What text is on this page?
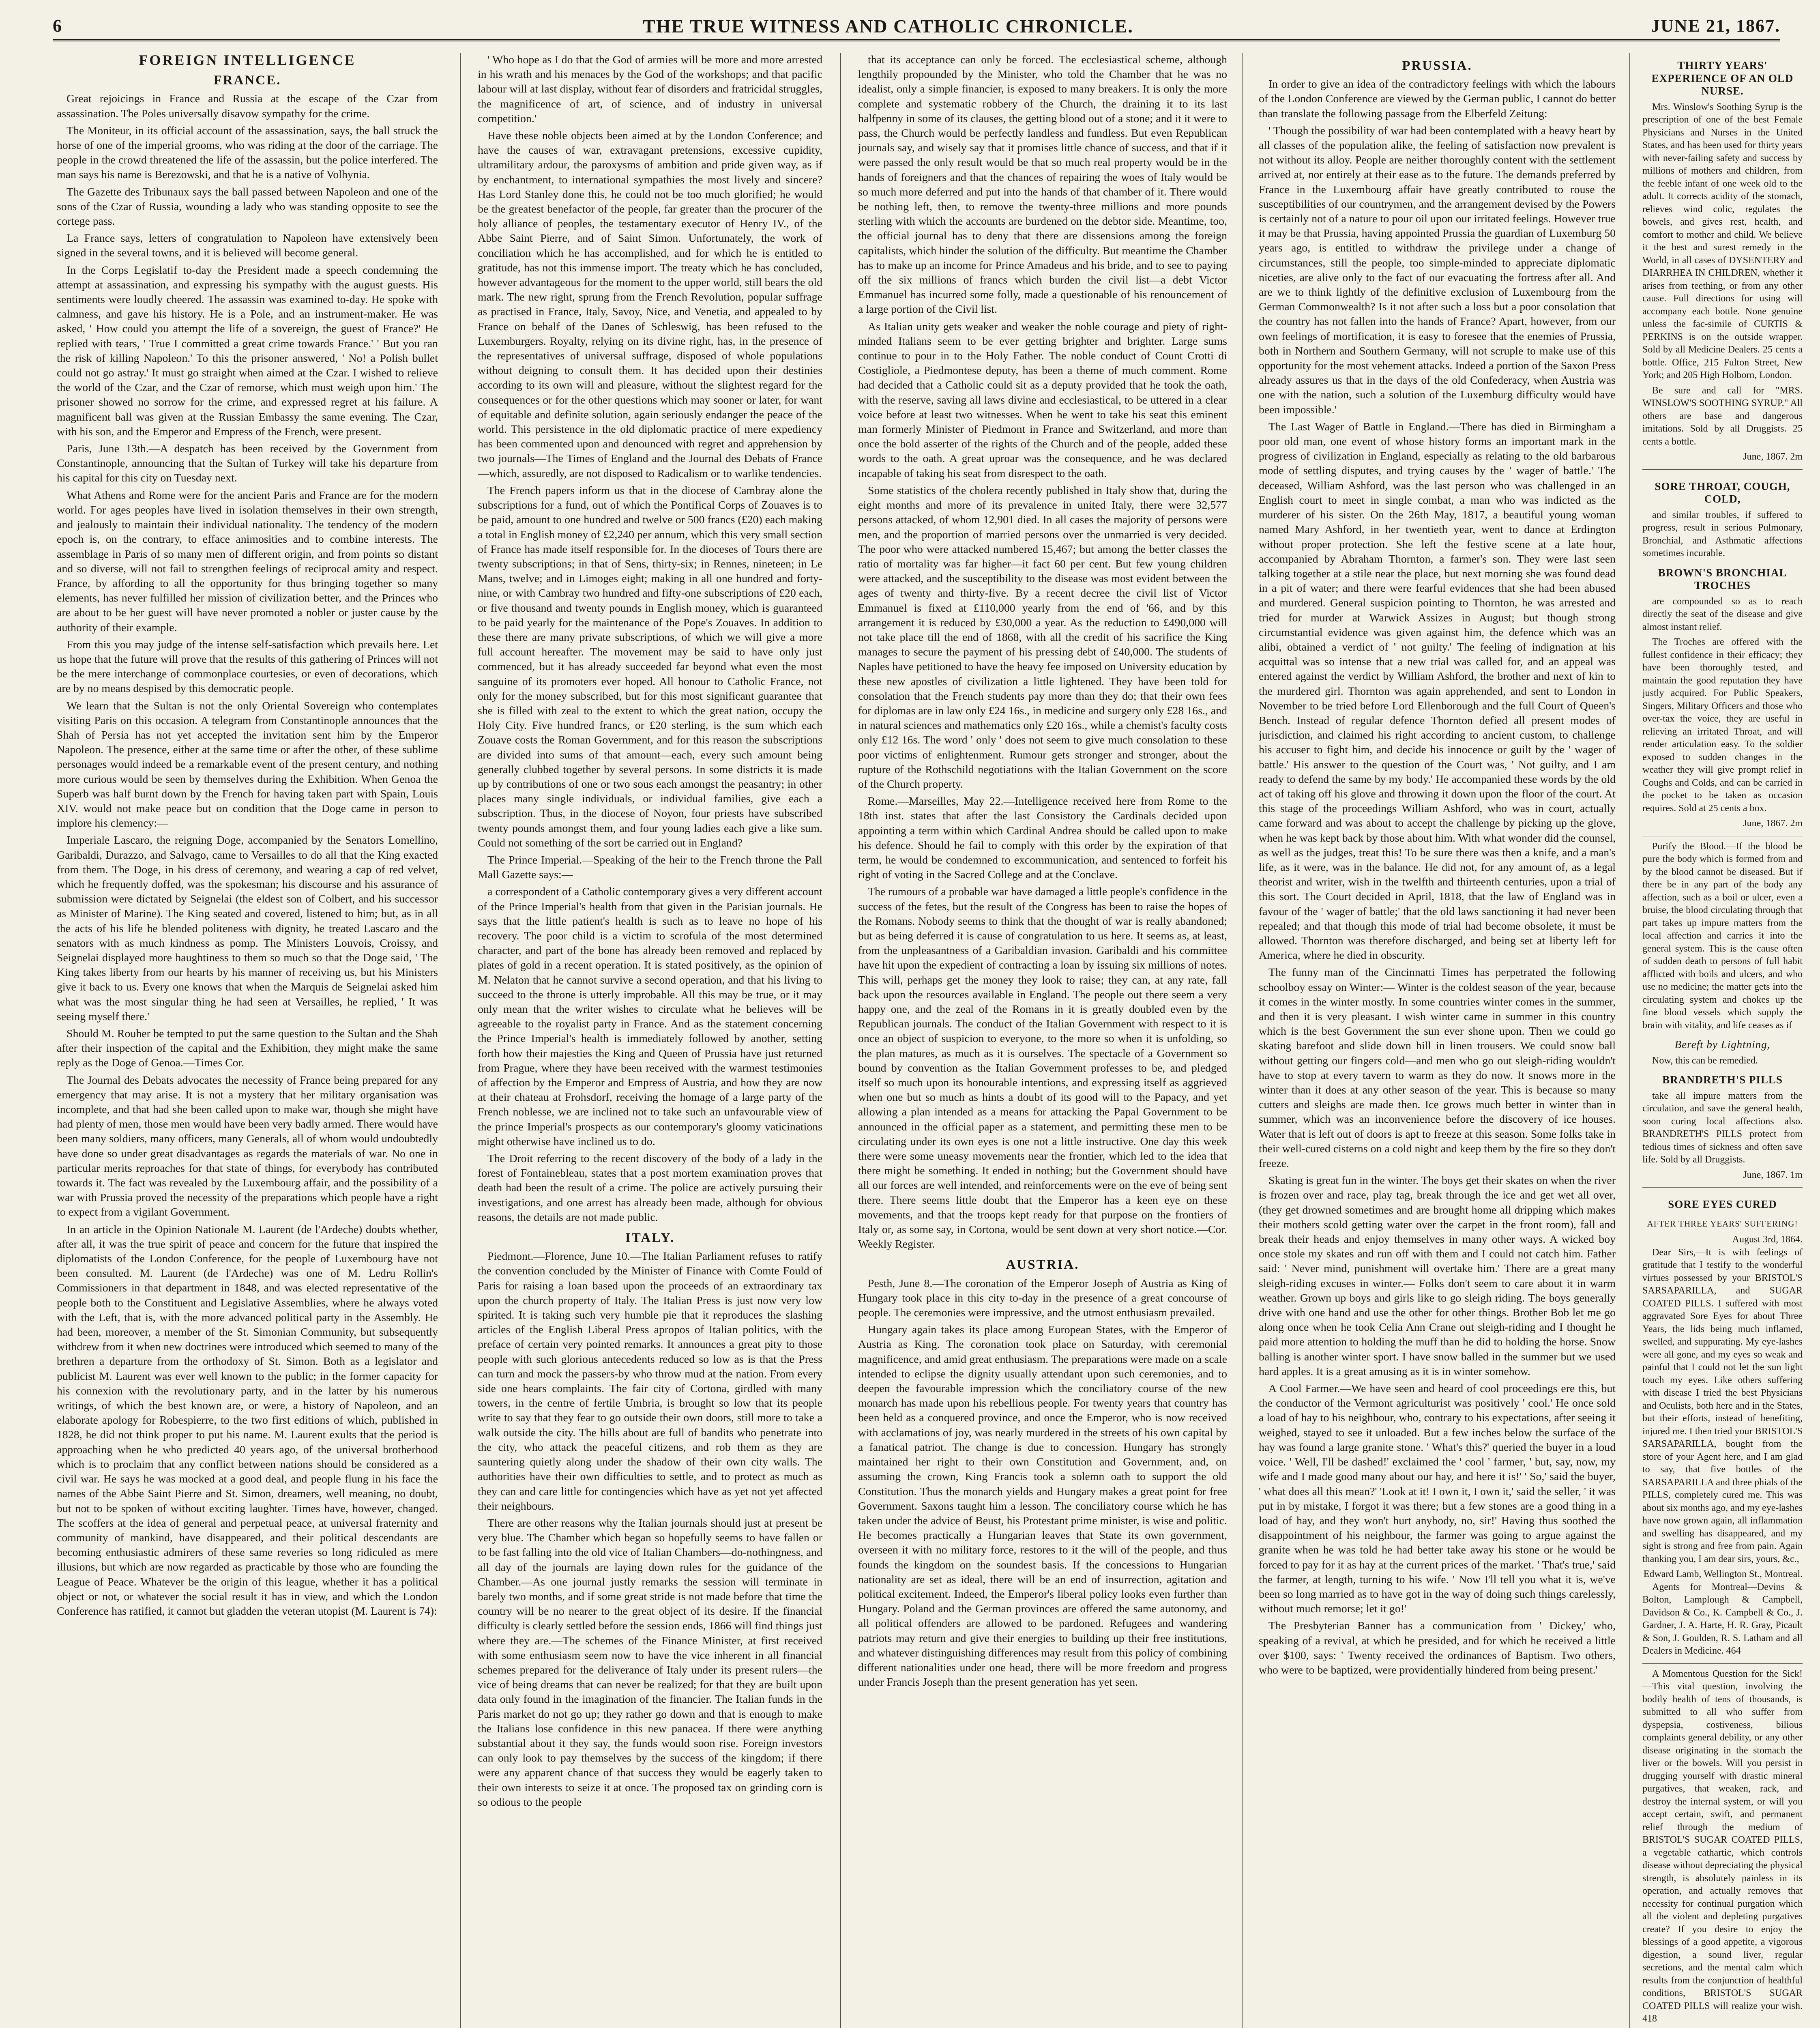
6	THE TRUE WITNESS AND CATHOLIC CHRONICLE.	JUNE 21, 1867.
FOREIGN INTELLIGENCE
FRANCE.

Great rejoicings in France and Russia at the escape of the Czar from assassination. The Poles universally disavow sympathy for the crime.

The Moniteur, in its official account of the assassination, says, the ball struck the horse of one of the imperial grooms, who was riding at the door of the carriage. The people in the crowd threatened the life of the assassin, but the police interfered. The man says his name is Berezowski, and that he is a native of Volhynia.

The Gazette des Tribunaux says the ball passed between Napoleon and one of the sons of the Czar of Russia, wounding a lady who was standing opposite to see the cortege pass.

La France says, letters of congratulation to Napoleon have extensively been signed in the several towns, and it is believed will become general.

In the Corps Legislatif to-day the President made a speech condemning the attempt at assassination, and expressing his sympathy with the august guests. His sentiments were loudly cheered. The assassin was examined to-day. He spoke with calmness, and gave his history. He is a Pole, and an instrument-maker. He was asked, ' How could you attempt the life of a sovereign, the guest of France?' He replied with tears, ' True I committed a great crime towards France.' ' But you ran the risk of killing Napoleon.' To this the prisoner answered, ' No! a Polish bullet could not go astray.' It must go straight when aimed at the Czar. I wished to relieve the world of the Czar, and the Czar of remorse, which must weigh upon him.' The prisoner showed no sorrow for the crime, and expressed regret at his failure. A magnificent ball was given at the Russian Embassy the same evening. The Czar, with his son, and the Emperor and Empress of the French, were present.

Paris, June 13th.—A despatch has been received by the Government from Constantinople, announcing that the Sultan of Turkey will take his departure from his capital for this city on Tuesday next.

What Athens and Rome were for the ancient Paris and France are for the modern world. For ages peoples have lived in isolation themselves in their own strength, and jealously to maintain their individual nationality. The tendency of the modern epoch is, on the contrary, to efface animosities and to combine interests. The assemblage in Paris of so many men of different origin, and from points so distant and so diverse, will not fail to strengthen feelings of reciprocal amity and respect. France, by affording to all the opportunity for thus bringing together so many elements, has never fulfilled her mission of civilization better, and the Princes who are about to be her guest will have never promoted a nobler or juster cause by the authority of their example.

From this you may judge of the intense self-satisfaction which prevails here. Let us hope that the future will prove that the results of this gathering of Princes will not be the mere interchange of commonplace courtesies, or even of decorations, which are by no means despised by this democratic people.

We learn that the Sultan is not the only Oriental Sovereign who contemplates visiting Paris on this occasion. A telegram from Constantinople announces that the Shah of Persia has not yet accepted the invitation sent him by the Emperor Napoleon. The presence, either at the same time or after the other, of these sublime personages would indeed be a remarkable event of the present century, and nothing more curious would be seen by themselves during the Exhibition. When Genoa the Superb was half burnt down by the French for having taken part with Spain, Louis XIV. would not make peace but on condition that the Doge came in person to implore his clemency:—

Imperiale Lascaro, the reigning Doge, accompanied by the Senators Lomellino, Garibaldi, Durazzo, and Salvago, came to Versailles to do all that the King exacted from them. The Doge, in his dress of ceremony, and wearing a cap of red velvet, which he frequently doffed, was the spokesman; his discourse and his assurance of submission were dictated by Seignelai (the eldest son of Colbert, and his successor as Minister of Marine). The King seated and covered, listened to him; but, as in all the acts of his life he blended politeness with dignity, he treated Lascaro and the senators with as much kindness as pomp. The Ministers Louvois, Croissy, and Seignelai displayed more haughtiness to them so much so that the Doge said, ' The King takes liberty from our hearts by his manner of receiving us, but his Ministers give it back to us. Every one knows that when the Marquis de Seignelai asked him what was the most singular thing he had seen at Versailles, he replied, ' It was seeing myself there.'

Should M. Rouher be tempted to put the same question to the Sultan and the Shah after their inspection of the capital and the Exhibition, they might make the same reply as the Doge of Genoa.—Times Cor.

The Journal des Debats advocates the necessity of France being prepared for any emergency that may arise. It is not a mystery that her military organisation was incomplete, and that had she been called upon to make war, though she might have had plenty of men, those men would have been very badly armed. There would have been many soldiers, many officers, many Generals, all of whom would undoubtedly have done so under great disadvantages as regards the materials of war. No one in particular merits reproaches for that state of things, for everybody has contributed towards it. The fact was revealed by the Luxembourg affair, and the possibility of a war with Prussia proved the necessity of the preparations which people have a right to expect from a vigilant Government.

In an article in the Opinion Nationale M. Laurent (de l'Ardeche) doubts whether, after all, it was the true spirit of peace and concern for the future that inspired the diplomatists of the London Conference, for the people of Luxembourg have not been consulted. M. Laurent (de l'Ardeche) was one of M. Ledru Rollin's Commissioners in that department in 1848, and was elected representative of the people both to the Constituent and Legislative Assemblies, where he always voted with the Left, that is, with the more advanced political party in the Assembly. He had been, moreover, a member of the St. Simonian Community, but subsequently withdrew from it when new doctrines were introduced which seemed to many of the brethren a departure from the orthodoxy of St. Simon. Both as a legislator and publicist M. Laurent was ever well known to the public; in the former capacity for his connexion with the revolutionary party, and in the latter by his numerous writings, of which the best known are, or were, a history of Napoleon, and an elaborate apology for Robespierre, to the two first editions of which, published in 1828, he did not think proper to put his name. M. Laurent exults that the period is approaching when he who predicted 40 years ago, of the universal brotherhood which is to proclaim that any conflict between nations should be considered as a civil war. He says he was mocked at a good deal, and people flung in his face the names of the Abbe Saint Pierre and St. Simon, dreamers, well meaning, no doubt, but not to be spoken of without exciting laughter. Times have, however, changed. The scoffers at the idea of general and perpetual peace, at universal fraternity and community of mankind, have disappeared, and their political descendants are becoming enthusiastic admirers of these same reveries so long ridiculed as mere illusions, but which are now regarded as practicable by those who are founding the League of Peace. Whatever be the origin of this league, whether it has a political object or not, or whatever the social result it has in view, and which the London Conference has ratified, it cannot but gladden the veteran utopist (M. Laurent is 74):

' Who hope as I do that the God of armies will be more and more arrested in his wrath and his menaces by the God of the workshops; and that pacific labour will at last display, without fear of disorders and fratricidal struggles, the magnificence of art, of science, and of industry in universal competition.'

Have these noble objects been aimed at by the London Conference; and have the causes of war, extravagant pretensions, excessive cupidity, ultramilitary ardour, the paroxysms of ambition and pride given way, as if by enchantment, to international sympathies the most lively and sincere? Has Lord Stanley done this, he could not be too much glorified; he would be the greatest benefactor of the people, far greater than the procurer of the holy alliance of peoples, the testamentary executor of Henry IV., of the Abbe Saint Pierre, and of Saint Simon. Unfortunately, the work of conciliation which he has accomplished, and for which he is entitled to gratitude, has not this immense import. The treaty which he has concluded, however advantageous for the moment to the upper world, still bears the old mark. The new right, sprung from the French Revolution, popular suffrage as practised in France, Italy, Savoy, Nice, and Venetia, and appealed to by France on behalf of the Danes of Schleswig, has been refused to the Luxemburgers. Royalty, relying on its divine right, has, in the presence of the representatives of universal suffrage, disposed of whole populations without deigning to consult them. It has decided upon their destinies according to its own will and pleasure, without the slightest regard for the consequences or for the other questions which may sooner or later, for want of equitable and definite solution, again seriously endanger the peace of the world. This persistence in the old diplomatic practice of mere expediency has been commented upon and denounced with regret and apprehension by two journals—The Times of England and the Journal des Debats of France—which, assuredly, are not disposed to Radicalism or to warlike tendencies.

The French papers inform us that in the diocese of Cambray alone the subscriptions for a fund, out of which the Pontifical Corps of Zouaves is to be paid, amount to one hundred and twelve or 500 francs (£20) each making a total in English money of £2,240 per annum, which this very small section of France has made itself responsible for. In the dioceses of Tours there are twenty subscriptions; in that of Sens, thirty-six; in Rennes, nineteen; in Le Mans, twelve; and in Limoges eight; making in all one hundred and forty-nine, or with Cambray two hundred and fifty-one subscriptions of £20 each, or five thousand and twenty pounds in English money, which is guaranteed to be paid yearly for the maintenance of the Pope's Zouaves. In addition to these there are many private subscriptions, of which we will give a more full account hereafter. The movement may be said to have only just commenced, but it has already succeeded far beyond what even the most sanguine of its promoters ever hoped. All honour to Catholic France, not only for the money subscribed, but for this most significant guarantee that she is filled with zeal to the extent to which the great nation, occupy the Holy City. Five hundred francs, or £20 sterling, is the sum which each Zouave costs the Roman Government, and for this reason the subscriptions are divided into sums of that amount—each, every such amount being generally clubbed together by several persons. In some districts it is made up by contributions of one or two sous each amongst the peasantry; in other places many single individuals, or individual families, give each a subscription. Thus, in the diocese of Noyon, four priests have subscribed twenty pounds amongst them, and four young ladies each give a like sum. Could not something of the sort be carried out in England?

The Prince Imperial.—Speaking of the heir to the French throne the Pall Mall Gazette says:—

a correspondent of a Catholic contemporary gives a very different account of the Prince Imperial's health from that given in the Parisian journals. He says that the little patient's health is such as to leave no hope of his recovery. The poor child is a victim to scrofula of the most determined character, and part of the bone has already been removed and replaced by plates of gold in a recent operation. It is stated positively, as the opinion of M. Nelaton that he cannot survive a second operation, and that his living to succeed to the throne is utterly improbable. All this may be true, or it may only mean that the writer wishes to circulate what he believes will be agreeable to the royalist party in France. And as the statement concerning the Prince Imperial's health is immediately followed by another, setting forth how their majesties the King and Queen of Prussia have just returned from Prague, where they have been received with the warmest testimonies of affection by the Emperor and Empress of Austria, and how they are now at their chateau at Frohsdorf, receiving the homage of a large party of the French noblesse, we are inclined not to take such an unfavourable view of the prince Imperial's prospects as our contemporary's gloomy vaticinations might otherwise have inclined us to do.

The Droit referring to the recent discovery of the body of a lady in the forest of Fontainebleau, states that a post mortem examination proves that death had been the result of a crime. The police are actively pursuing their investigations, and one arrest has already been made, although for obvious reasons, the details are not made public.

ITALY.

Piedmont.—Florence, June 10.—The Italian Parliament refuses to ratify the convention concluded by the Minister of Finance with Comte Fould of Paris for raising a loan based upon the proceeds of an extraordinary tax upon the church property of Italy. The Italian Press is just now very low spirited. It is taking such very humble pie that it reproduces the slashing articles of the English Liberal Press apropos of Italian politics, with the preface of certain very pointed remarks. It announces a great pity to those people with such glorious antecedents reduced so low as is that the Press can turn and mock the passers-by who throw mud at the nation. From every side one hears complaints. The fair city of Cortona, girdled with many towers, in the centre of fertile Umbria, is brought so low that its people write to say that they fear to go outside their own doors, still more to take a walk outside the city. The hills about are full of bandits who penetrate into the city, who attack the peaceful citizens, and rob them as they are sauntering quietly along under the shadow of their own city walls. The authorities have their own difficulties to settle, and to protect as much as they can and care little for contingencies which have as yet not yet affected their neighbours.

There are other reasons why the Italian journals should just at present be very blue. The Chamber which began so hopefully seems to have fallen or to be fast falling into the old vice of Italian Chambers—do-nothingness, and all day of the journals are laying down rules for the guidance of the Chamber.—As one journal justly remarks the session will terminate in barely two months, and if some great stride is not made before that time the country will be no nearer to the great object of its desire. If the financial difficulty is clearly settled before the session ends, 1866 will find things just where they are.—The schemes of the Finance Minister, at first received with some enthusiasm seem now to have the vice inherent in all financial schemes prepared for the deliverance of Italy under its present rulers—the vice of being dreams that can never be realized; for that they are built upon data only found in the imagination of the financier. The Italian funds in the Paris market do not go up; they rather go down and that is enough to make the Italians lose confidence in this new panacea. If there were anything substantial about it they say, the funds would soon rise. Foreign investors can only look to pay themselves by the success of the kingdom; if there were any apparent chance of that success they would be eagerly taken to their own interests to seize it at once. The proposed tax on grinding corn is so odious to the people

that its acceptance can only be forced. The ecclesiastical scheme, although lengthily propounded by the Minister, who told the Chamber that he was no idealist, only a simple financier, is exposed to many breakers. It is only the more complete and systematic robbery of the Church, the draining it to its last halfpenny in some of its clauses, the getting blood out of a stone; and it it were to pass, the Church would be perfectly landless and fundless. But even Republican journals say, and wisely say that it promises little chance of success, and that if it were passed the only result would be that so much real property would be in the hands of foreigners and that the chances of repairing the woes of Italy would be so much more deferred and put into the hands of that chamber of it. There would be nothing left, then, to remove the twenty-three millions and more pounds sterling with which the accounts are burdened on the debtor side. Meantime, too, the official journal has to deny that there are dissensions among the foreign capitalists, which hinder the solution of the difficulty. But meantime the Chamber has to make up an income for Prince Amadeus and his bride, and to see to paying off the six millions of francs which burden the civil list—a debt Victor Emmanuel has incurred some folly, made a questionable of his renouncement of a large portion of the Civil list.

As Italian unity gets weaker and weaker the noble courage and piety of right-minded Italians seem to be ever getting brighter and brighter. Large sums continue to pour in to the Holy Father. The noble conduct of Count Crotti di Costigliole, a Piedmontese deputy, has been a theme of much comment. Rome had decided that a Catholic could sit as a deputy provided that he took the oath, with the reserve, saving all laws divine and ecclesiastical, to be uttered in a clear voice before at least two witnesses. When he went to take his seat this eminent man formerly Minister of Piedmont in France and Switzerland, and more than once the bold asserter of the rights of the Church and of the people, added these words to the oath. A great uproar was the consequence, and he was declared incapable of taking his seat from disrespect to the oath.

Some statistics of the cholera recently published in Italy show that, during the eight months and more of its prevalence in united Italy, there were 32,577 persons attacked, of whom 12,901 died. In all cases the majority of persons were men, and the proportion of married persons over the unmarried is very decided. The poor who were attacked numbered 15,467; but among the better classes the ratio of mortality was far higher—it fact 60 per cent. But few young children were attacked, and the susceptibility to the disease was most evident between the ages of twenty and thirty-five. By a recent decree the civil list of Victor Emmanuel is fixed at £110,000 yearly from the end of '66, and by this arrangement it is reduced by £30,000 a year. As the reduction to £490,000 will not take place till the end of 1868, with all the credit of his sacrifice the King manages to secure the payment of his pressing debt of £40,000. The students of Naples have petitioned to have the heavy fee imposed on University education by these new apostles of civilization a little lightened. They have been told for consolation that the French students pay more than they do; that their own fees for diplomas are in law only £24 16s., in medicine and surgery only £28 16s., and in natural sciences and mathematics only £20 16s., while a chemist's faculty costs only £12 16s. The word ' only ' does not seem to give much consolation to these poor victims of enlightenment. Rumour gets stronger and stronger, about the rupture of the Rothschild negotiations with the Italian Government on the score of the Church property.

Rome.—Marseilles, May 22.—Intelligence received here from Rome to the 18th inst. states that after the last Consistory the Cardinals decided upon appointing a term within which Cardinal Andrea should be called upon to make his defence. Should he fail to comply with this order by the expiration of that term, he would be condemned to excommunication, and sentenced to forfeit his right of voting in the Sacred College and at the Conclave.

The rumours of a probable war have damaged a little people's confidence in the success of the fetes, but the result of the Congress has been to raise the hopes of the Romans. Nobody seems to think that the thought of war is really abandoned; but as being deferred it is cause of congratulation to us here. It seems as, at least, from the unpleasantness of a Garibaldian invasion. Garibaldi and his committee have hit upon the expedient of contracting a loan by issuing six millions of notes. This will, perhaps get the money they look to raise; they can, at any rate, fall back upon the resources available in England. The people out there seem a very happy one, and the zeal of the Romans in it is greatly doubled even by the Republican journals. The conduct of the Italian Government with respect to it is once an object of suspicion to everyone, to the more so when it is unfolding, so the plan matures, as much as it is ourselves. The spectacle of a Government so bound by convention as the Italian Government professes to be, and pledged itself so much upon its honourable intentions, and expressing itself as aggrieved when one but so much as hints a doubt of its good will to the Papacy, and yet allowing a plan intended as a means for attacking the Papal Government to be announced in the official paper as a statement, and permitting these men to be circulating under its own eyes is one not a little instructive. One day this week there were some uneasy movements near the frontier, which led to the idea that there might be something. It ended in nothing; but the Government should have all our forces are well intended, and reinforcements were on the eve of being sent there. There seems little doubt that the Emperor has a keen eye on these movements, and that the troops kept ready for that purpose on the frontiers of Italy or, as some say, in Cortona, would be sent down at very short notice.—Cor. Weekly Register.

AUSTRIA.

Pesth, June 8.—The coronation of the Emperor Joseph of Austria as King of Hungary took place in this city to-day in the presence of a great concourse of people. The ceremonies were impressive, and the utmost enthusiasm prevailed.

Hungary again takes its place among European States, with the Emperor of Austria as King. The coronation took place on Saturday, with ceremonial magnificence, and amid great enthusiasm. The preparations were made on a scale intended to eclipse the dignity usually attendant upon such ceremonies, and to deepen the favourable impression which the conciliatory course of the new monarch has made upon his rebellious people. For twenty years that country has been held as a conquered province, and once the Emperor, who is now received with acclamations of joy, was nearly murdered in the streets of his own capital by a fanatical patriot. The change is due to concession. Hungary has strongly maintained her right to their own Constitution and Government, and, on assuming the crown, King Francis took a solemn oath to support the old Constitution. Thus the monarch yields and Hungary makes a great point for free Government. Saxons taught him a lesson. The conciliatory course which he has taken under the advice of Beust, his Protestant prime minister, is wise and politic. He becomes practically a Hungarian leaves that State its own government, overseen it with no military force, restores to it the will of the people, and thus founds the kingdom on the soundest basis. If the concessions to Hungarian nationality are set as ideal, there will be an end of insurrection, agitation and political excitement. Indeed, the Emperor's liberal policy looks even further than Hungary. Poland and the German provinces are offered the same autonomy, and all political offenders are allowed to be pardoned. Refugees and wandering patriots may return and give their energies to building up their free institutions, and whatever distinguishing differences may result from this policy of combining different nationalities under one head, there will be more freedom and progress under Francis Joseph than the present generation has yet seen.

PRUSSIA.

In order to give an idea of the contradictory feelings with which the labours of the London Conference are viewed by the German public, I cannot do better than translate the following passage from the Elberfeld Zeitung:

' Though the possibility of war had been contemplated with a heavy heart by all classes of the population alike, the feeling of satisfaction now prevalent is not without its alloy. People are neither thoroughly content with the settlement arrived at, nor entirely at their ease as to the future. The demands preferred by France in the Luxembourg affair have greatly contributed to rouse the susceptibilities of our countrymen, and the arrangement devised by the Powers is certainly not of a nature to pour oil upon our irritated feelings. However true it may be that Prussia, having appointed Prussia the guardian of Luxemburg 50 years ago, is entitled to withdraw the privilege under a change of circumstances, still the people, too simple-minded to appreciate diplomatic niceties, are alive only to the fact of our evacuating the fortress after all. And are we to think lightly of the definitive exclusion of Luxembourg from the German Commonwealth? Is it not after such a loss but a poor consolation that the country has not fallen into the hands of France? Apart, however, from our own feelings of mortification, it is easy to foresee that the enemies of Prussia, both in Northern and Southern Germany, will not scruple to make use of this opportunity for the most vehement attacks. Indeed a portion of the Saxon Press already assures us that in the days of the old Confederacy, when Austria was one with the nation, such a solution of the Luxemburg difficulty would have been impossible.'

The Last Wager of Battle in England.—There has died in Birmingham a poor old man, one event of whose history forms an important mark in the progress of civilization in England, especially as relating to the old barbarous mode of settling disputes, and trying causes by the ' wager of battle.' The deceased, William Ashford, was the last person who was challenged in an English court to meet in single combat, a man who was indicted as the murderer of his sister. On the 26th May, 1817, a beautiful young woman named Mary Ashford, in her twentieth year, went to dance at Erdington without proper protection. She left the festive scene at a late hour, accompanied by Abraham Thornton, a farmer's son. They were last seen talking together at a stile near the place, but next morning she was found dead in a pit of water; and there were fearful evidences that she had been abused and murdered. General suspicion pointing to Thornton, he was arrested and tried for murder at Warwick Assizes in August; but though strong circumstantial evidence was given against him, the defence which was an alibi, obtained a verdict of ' not guilty.' The feeling of indignation at his acquittal was so intense that a new trial was called for, and an appeal was entered against the verdict by William Ashford, the brother and next of kin to the murdered girl. Thornton was again apprehended, and sent to London in November to be tried before Lord Ellenborough and the full Court of Queen's Bench. Instead of regular defence Thornton defied all present modes of jurisdiction, and claimed his right according to ancient custom, to challenge his accuser to fight him, and decide his innocence or guilt by the ' wager of battle.' His answer to the question of the Court was, ' Not guilty, and I am ready to defend the same by my body.' He accompanied these words by the old act of taking off his glove and throwing it down upon the floor of the court. At this stage of the proceedings William Ashford, who was in court, actually came forward and was about to accept the challenge by picking up the glove, when he was kept back by those about him. With what wonder did the counsel, as well as the judges, treat this! To be sure there was then a knife, and a man's life, as it were, was in the balance. He did not, for any amount of, as a legal theorist and writer, wish in the twelfth and thirteenth centuries, upon a trial of this sort. The Court decided in April, 1818, that the law of England was in favour of the ' wager of battle;' that the old laws sanctioning it had never been repealed; and that though this mode of trial had become obsolete, it must be allowed. Thornton was therefore discharged, and being set at liberty left for America, where he died in obscurity.

The funny man of the Cincinnatti Times has perpetrated the following schoolboy essay on Winter:— Winter is the coldest season of the year, because it comes in the winter mostly. In some countries winter comes in the summer, and then it is very pleasant. I wish winter came in summer in this country which is the best Government the sun ever shone upon. Then we could go skating barefoot and slide down hill in linen trousers. We could snow ball without getting our fingers cold—and men who go out sleigh-riding wouldn't have to stop at every tavern to warm as they do now. It snows more in the winter than it does at any other season of the year. This is because so many cutters and sleighs are made then. Ice grows much better in winter than in summer, which was an inconvenience before the discovery of ice houses. Water that is left out of doors is apt to freeze at this season. Some folks take in their well-cured cisterns on a cold night and keep them by the fire so they don't freeze.

Skating is great fun in the winter. The boys get their skates on when the river is frozen over and race, play tag, break through the ice and get wet all over, (they get drowned sometimes and are brought home all dripping which makes their mothers scold getting water over the carpet in the front room), fall and break their heads and enjoy themselves in many other ways. A wicked boy once stole my skates and run off with them and I could not catch him. Father said: ' Never mind, punishment will overtake him.' There are a great many sleigh-riding excuses in winter.— Folks don't seem to care about it in warm weather. Grown up boys and girls like to go sleigh riding. The boys generally drive with one hand and use the other for other things. Brother Bob let me go along once when he took Celia Ann Crane out sleigh-riding and I thought he paid more attention to holding the muff than he did to holding the horse. Snow balling is another winter sport. I have snow balled in the summer but we used hard apples. It is a great amusing as it is in winter somehow.

A Cool Farmer.—We have seen and heard of cool proceedings ere this, but the conductor of the Vermont agriculturist was positively ' cool.' He once sold a load of hay to his neighbour, who, contrary to his expectations, after seeing it weighed, stayed to see it unloaded. But a few inches below the surface of the hay was found a large granite stone. ' What's this?' queried the buyer in a loud voice. ' Well, I'll be dashed!' exclaimed the ' cool ' farmer, ' but, say, now, my wife and I made good many about our hay, and here it is!' ' So,' said the buyer, ' what does all this mean?' 'Look at it! I own it, I own it,' said the seller, ' it was put in by mistake, I forgot it was there; but a few stones are a good thing in a load of hay, and they won't hurt anybody, no, sir!' Having thus soothed the disappointment of his neighbour, the farmer was going to argue against the granite when he was told he had better take away his stone or he would be forced to pay for it as hay at the current prices of the market. ' That's true,' said the farmer, at length, turning to his wife. ' Now I'll tell you what it is, we've been so long married as to have got in the way of doing such things carelessly, without much remorse; let it go!'

The Presbyterian Banner has a communication from ' Dickey,' who, speaking of a revival, at which he presided, and for which he received a little over $100, says: ' Twenty received the ordinances of Baptism. Two others, who were to be baptized, were providentially hindered from being present.'

THIRTY YEARS' EXPERIENCE OF AN OLD NURSE.

Mrs. Winslow's Soothing Syrup is the prescription of one of the best Female Physicians and Nurses in the United States, and has been used for thirty years with never-failing safety and success by millions of mothers and children, from the feeble infant of one week old to the adult. It corrects acidity of the stomach, relieves wind colic, regulates the bowels, and gives rest, health, and comfort to mother and child. We believe it the best and surest remedy in the World, in all cases of DYSENTERY and DIARRHEA IN CHILDREN, whether it arises from teething, or from any other cause. Full directions for using will accompany each bottle. None genuine unless the fac-simile of CURTIS & PERKINS is on the outside wrapper. Sold by all Medicine Dealers. 25 cents a bottle. Office, 215 Fulton Street, New York; and 205 High Holborn, London.

Be sure and call for "MRS. WINSLOW'S SOOTHING SYRUP." All others are base and dangerous imitations. Sold by all Druggists. 25 cents a bottle.

June, 1867. 2m
SORE THROAT, COUGH, COLD,

and similar troubles, if suffered to progress, result in serious Pulmonary, Bronchial, and Asthmatic affections sometimes incurable.

BROWN'S BRONCHIAL TROCHES

are compounded so as to reach directly the seat of the disease and give almost instant relief.

The Troches are offered with the fullest confidence in their efficacy; they have been thoroughly tested, and maintain the good reputation they have justly acquired. For Public Speakers, Singers, Military Officers and those who over-tax the voice, they are useful in relieving an irritated Throat, and will render articulation easy. To the soldier exposed to sudden changes in the weather they will give prompt relief in Coughs and Colds, and can be carried in the pocket to be taken as occasion requires. Sold at 25 cents a box.

June, 1867. 2m

Purify the Blood.—If the blood be pure the body which is formed from and by the blood cannot be diseased. But if there be in any part of the body any affection, such as a boil or ulcer, even a bruise, the blood circulating through that part takes up impure matters from the local affection and carries it into the general system. This is the cause often of sudden death to persons of full habit afflicted with boils and ulcers, and who use no medicine; the matter gets into the circulating system and chokes up the fine blood vessels which supply the brain with vitality, and life ceases as if

Bereft by Lightning,

Now, this can be remedied.

BRANDRETH'S PILLS

take all impure matters from the circulation, and save the general health, soon curing local affections also. BRANDRETH'S PILLS protect from tedious times of sickness and often save life. Sold by all Druggists.

June, 1867. 1m
SORE EYES CURED
AFTER THREE YEARS' SUFFERING!
August 3rd, 1864.

Dear Sirs,—It is with feelings of gratitude that I testify to the wonderful virtues possessed by your BRISTOL'S SARSAPARILLA, and SUGAR COATED PILLS. I suffered with most aggravated Sore Eyes for about Three Years, the lids being much inflamed, swelled, and suppurating. My eye-lashes were all gone, and my eyes so weak and painful that I could not let the sun light touch my eyes. Like others suffering with disease I tried the best Physicians and Oculists, both here and in the States, but their efforts, instead of benefiting, injured me. I then tried your BRISTOL'S SARSAPARILLA, bought from the store of your Agent here, and I am glad to say, that five bottles of the SARSAPARILLA and three phials of the PILLS, completely cured me. This was about six months ago, and my eye-lashes have now grown again, all inflammation and swelling has disappeared, and my sight is strong and free from pain. Again thanking you, I am dear sirs, yours, &c.,

Edward Lamb, Wellington St., Montreal.

Agents for Montreal—Devins & Bolton, Lamplough & Campbell, Davidson & Co., K. Campbell & Co., J. Gardner, J. A. Harte, H. R. Gray, Picault & Son, J. Goulden, R. S. Latham and all Dealers in Medicine. 464

A Momentous Question for the Sick!—This vital question, involving the bodily health of tens of thousands, is submitted to all who suffer from dyspepsia, costiveness, bilious complaints general debility, or any other disease originating in the stomach the liver or the bowels. Will you persist in drugging yourself with drastic mineral purgatives, that weaken, rack, and destroy the internal system, or will you accept certain, swift, and permanent relief through the medium of BRISTOL'S SUGAR COATED PILLS, a vegetable cathartic, which controls disease without depreciating the physical strength, is absolutely painless in its operation, and actually removes that necessity for continual purgation which all the violent and depleting purgatives create? If you desire to enjoy the blessings of a good appetite, a vigorous digestion, a sound liver, regular secretions, and the mental calm which results from the conjunction of healthful conditions, BRISTOL'S SUGAR COATED PILLS will realize your wish. 418
